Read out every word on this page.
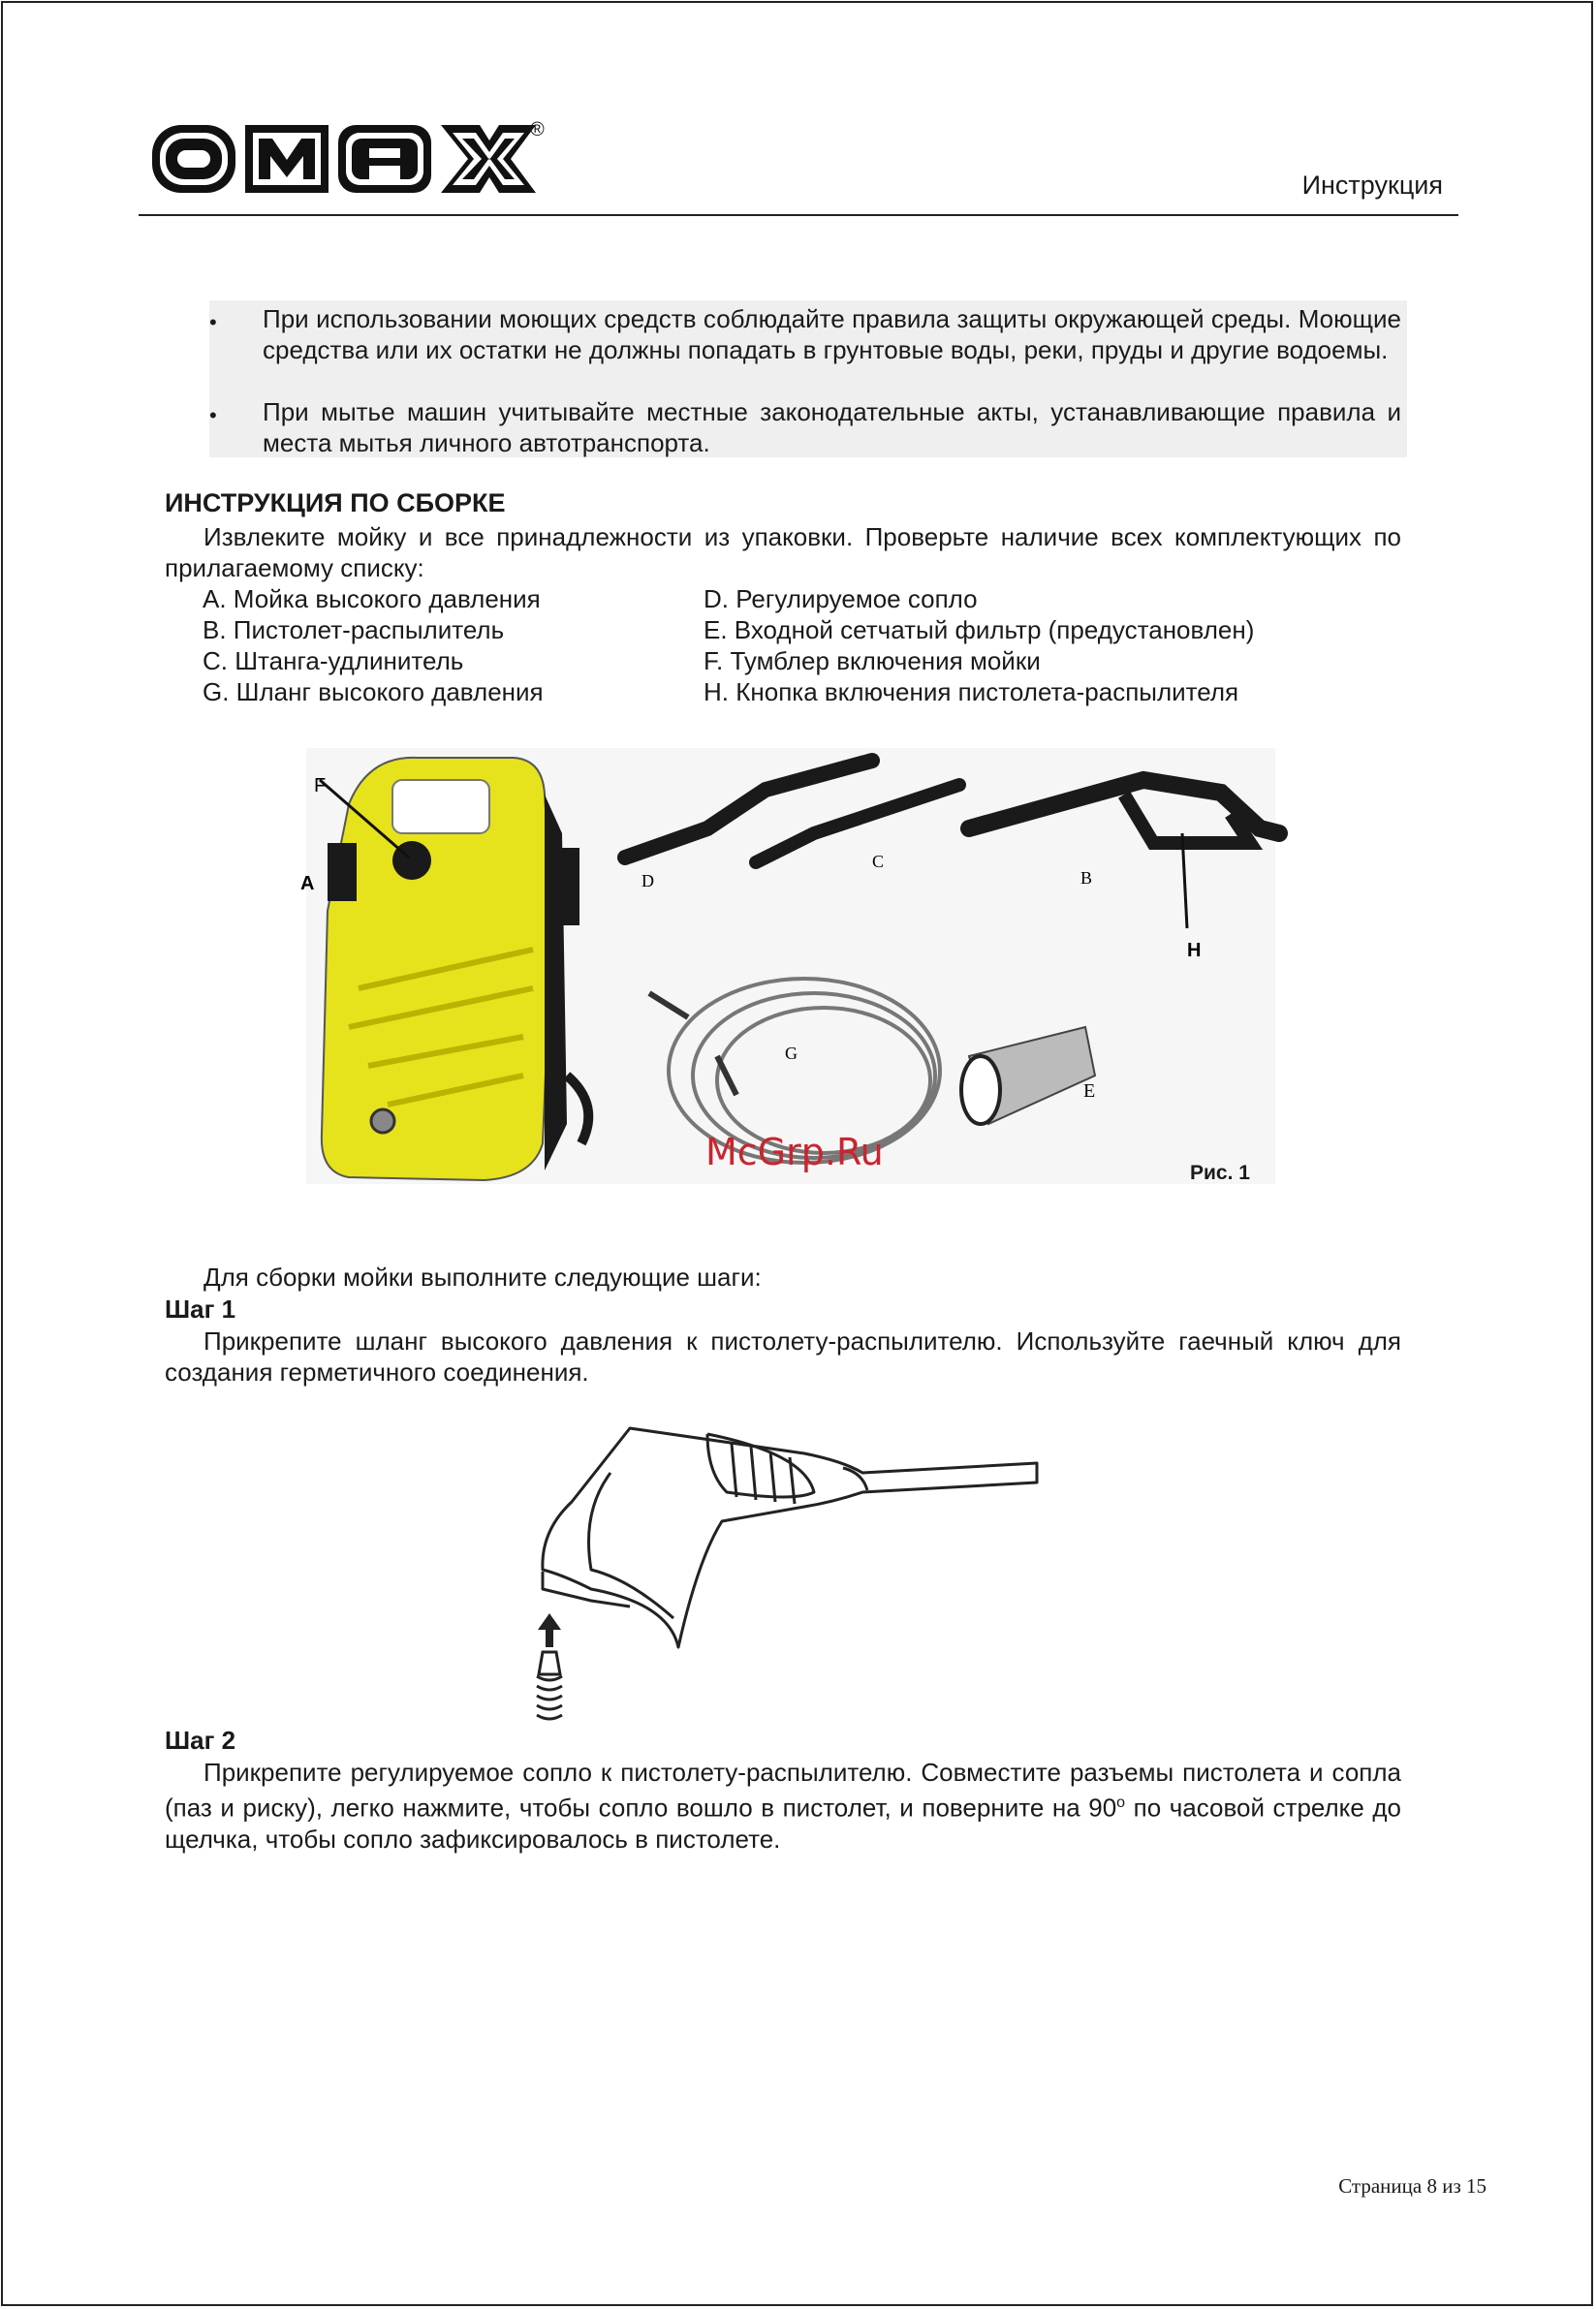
®
Инструкция
• При использовании моющих средств соблюдайте правила защиты окружающей среды. Моющие средства или их остатки не должны попадать в грунтовые воды, реки, пруды и другие водоемы.
• При мытье машин учитывайте местные законодательные акты, устанавливающие правила и места мытья личного автотранспорта.
ИНСТРУКЦИЯ ПО СБОРКЕ
Извлеките мойку и все принадлежности из упаковки. Проверьте наличие всех комплектующих по прилагаемому списку:
A. Мойка высокого давления
B. Пистолет-распылитель
C. Штанга-удлинитель
G. Шланг высокого давления
D. Регулируемое сопло
E. Входной сетчатый фильтр (предустановлен)
F. Тумблер включения мойки
H. Кнопка включения пистолета-распылителя
A
F
D
C
B
H
G
E
McGrp.Ru	Рис. 1
Для сборки мойки выполните следующие шаги:
Шаг 1
Прикрепите шланг высокого давления к пистолету-распылителю. Используйте гаечный ключ для создания герметичного соединения.
Шаг 2
Прикрепите регулируемое сопло к пистолету-распылителю. Совместите разъемы пистолета и сопла (паз и риску), легко нажмите, чтобы сопло вошло в пистолет, и поверните на 90$^o$ по часовой стрелке до щелчка, чтобы сопло зафиксировалось в пистолете.
Страница 8 из 15
